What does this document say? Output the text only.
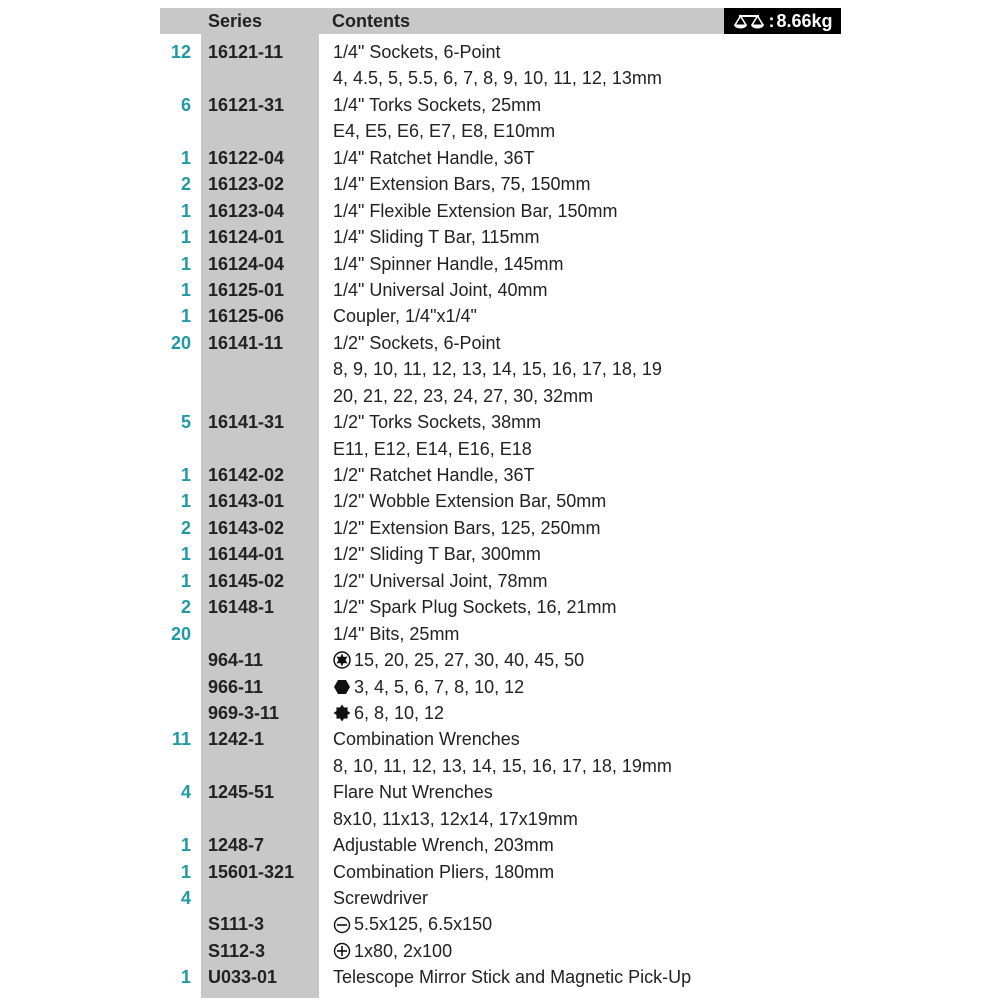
Series	Contents	: 8.66kg
12 16121-11	1/4" Sockets, 6-Point
4, 4.5, 5, 5.5, 6, 7, 8, 9, 10, 11, 12, 13mm
6 16121-31	1/4" Torks Sockets, 25mm
E4, E5, E6, E7, E8, E10mm
1 16122-04	1/4" Ratchet Handle, 36T
2 16123-02	1/4" Extension Bars, 75, 150mm
1 16123-04	1/4" Flexible Extension Bar, 150mm
1 16124-01	1/4" Sliding T Bar, 115mm
1 16124-04	1/4" Spinner Handle, 145mm
1 16125-01	1/4" Universal Joint, 40mm
1 16125-06	Coupler, 1/4"x1/4"
20 16141-11	1/2" Sockets, 6-Point
8, 9, 10, 11, 12, 13, 14, 15, 16, 17, 18, 19
20, 21, 22, 23, 24, 27, 30, 32mm
5 16141-31	1/2" Torks Sockets, 38mm
E11, E12, E14, E16, E18
1 16142-02	1/2" Ratchet Handle, 36T
1 16143-01	1/2" Wobble Extension Bar, 50mm
2 16143-02	1/2" Extension Bars, 125, 250mm
1 16144-01	1/2" Sliding T Bar, 300mm
1 16145-02	1/2" Universal Joint, 78mm
2 16148-1	1/2" Spark Plug Sockets, 16, 21mm
20	1/4" Bits, 25mm
964-11	15, 20, 25, 27, 30, 40, 45, 50
966-11	3, 4, 5, 6, 7, 8, 10, 12
969-3-11	6, 8, 10, 12
11 1242-1	Combination Wrenches
8, 10, 11, 12, 13, 14, 15, 16, 17, 18, 19mm
4 1245-51	Flare Nut Wrenches
8x10, 11x13, 12x14, 17x19mm
1 1248-7	Adjustable Wrench, 203mm
1 15601-321 Combination Pliers, 180mm
4	Screwdriver
S111-3	5.5x125, 6.5x150
S112-3	1x80, 2x100
1 U033-01	Telescope Mirror Stick and Magnetic Pick-Up
